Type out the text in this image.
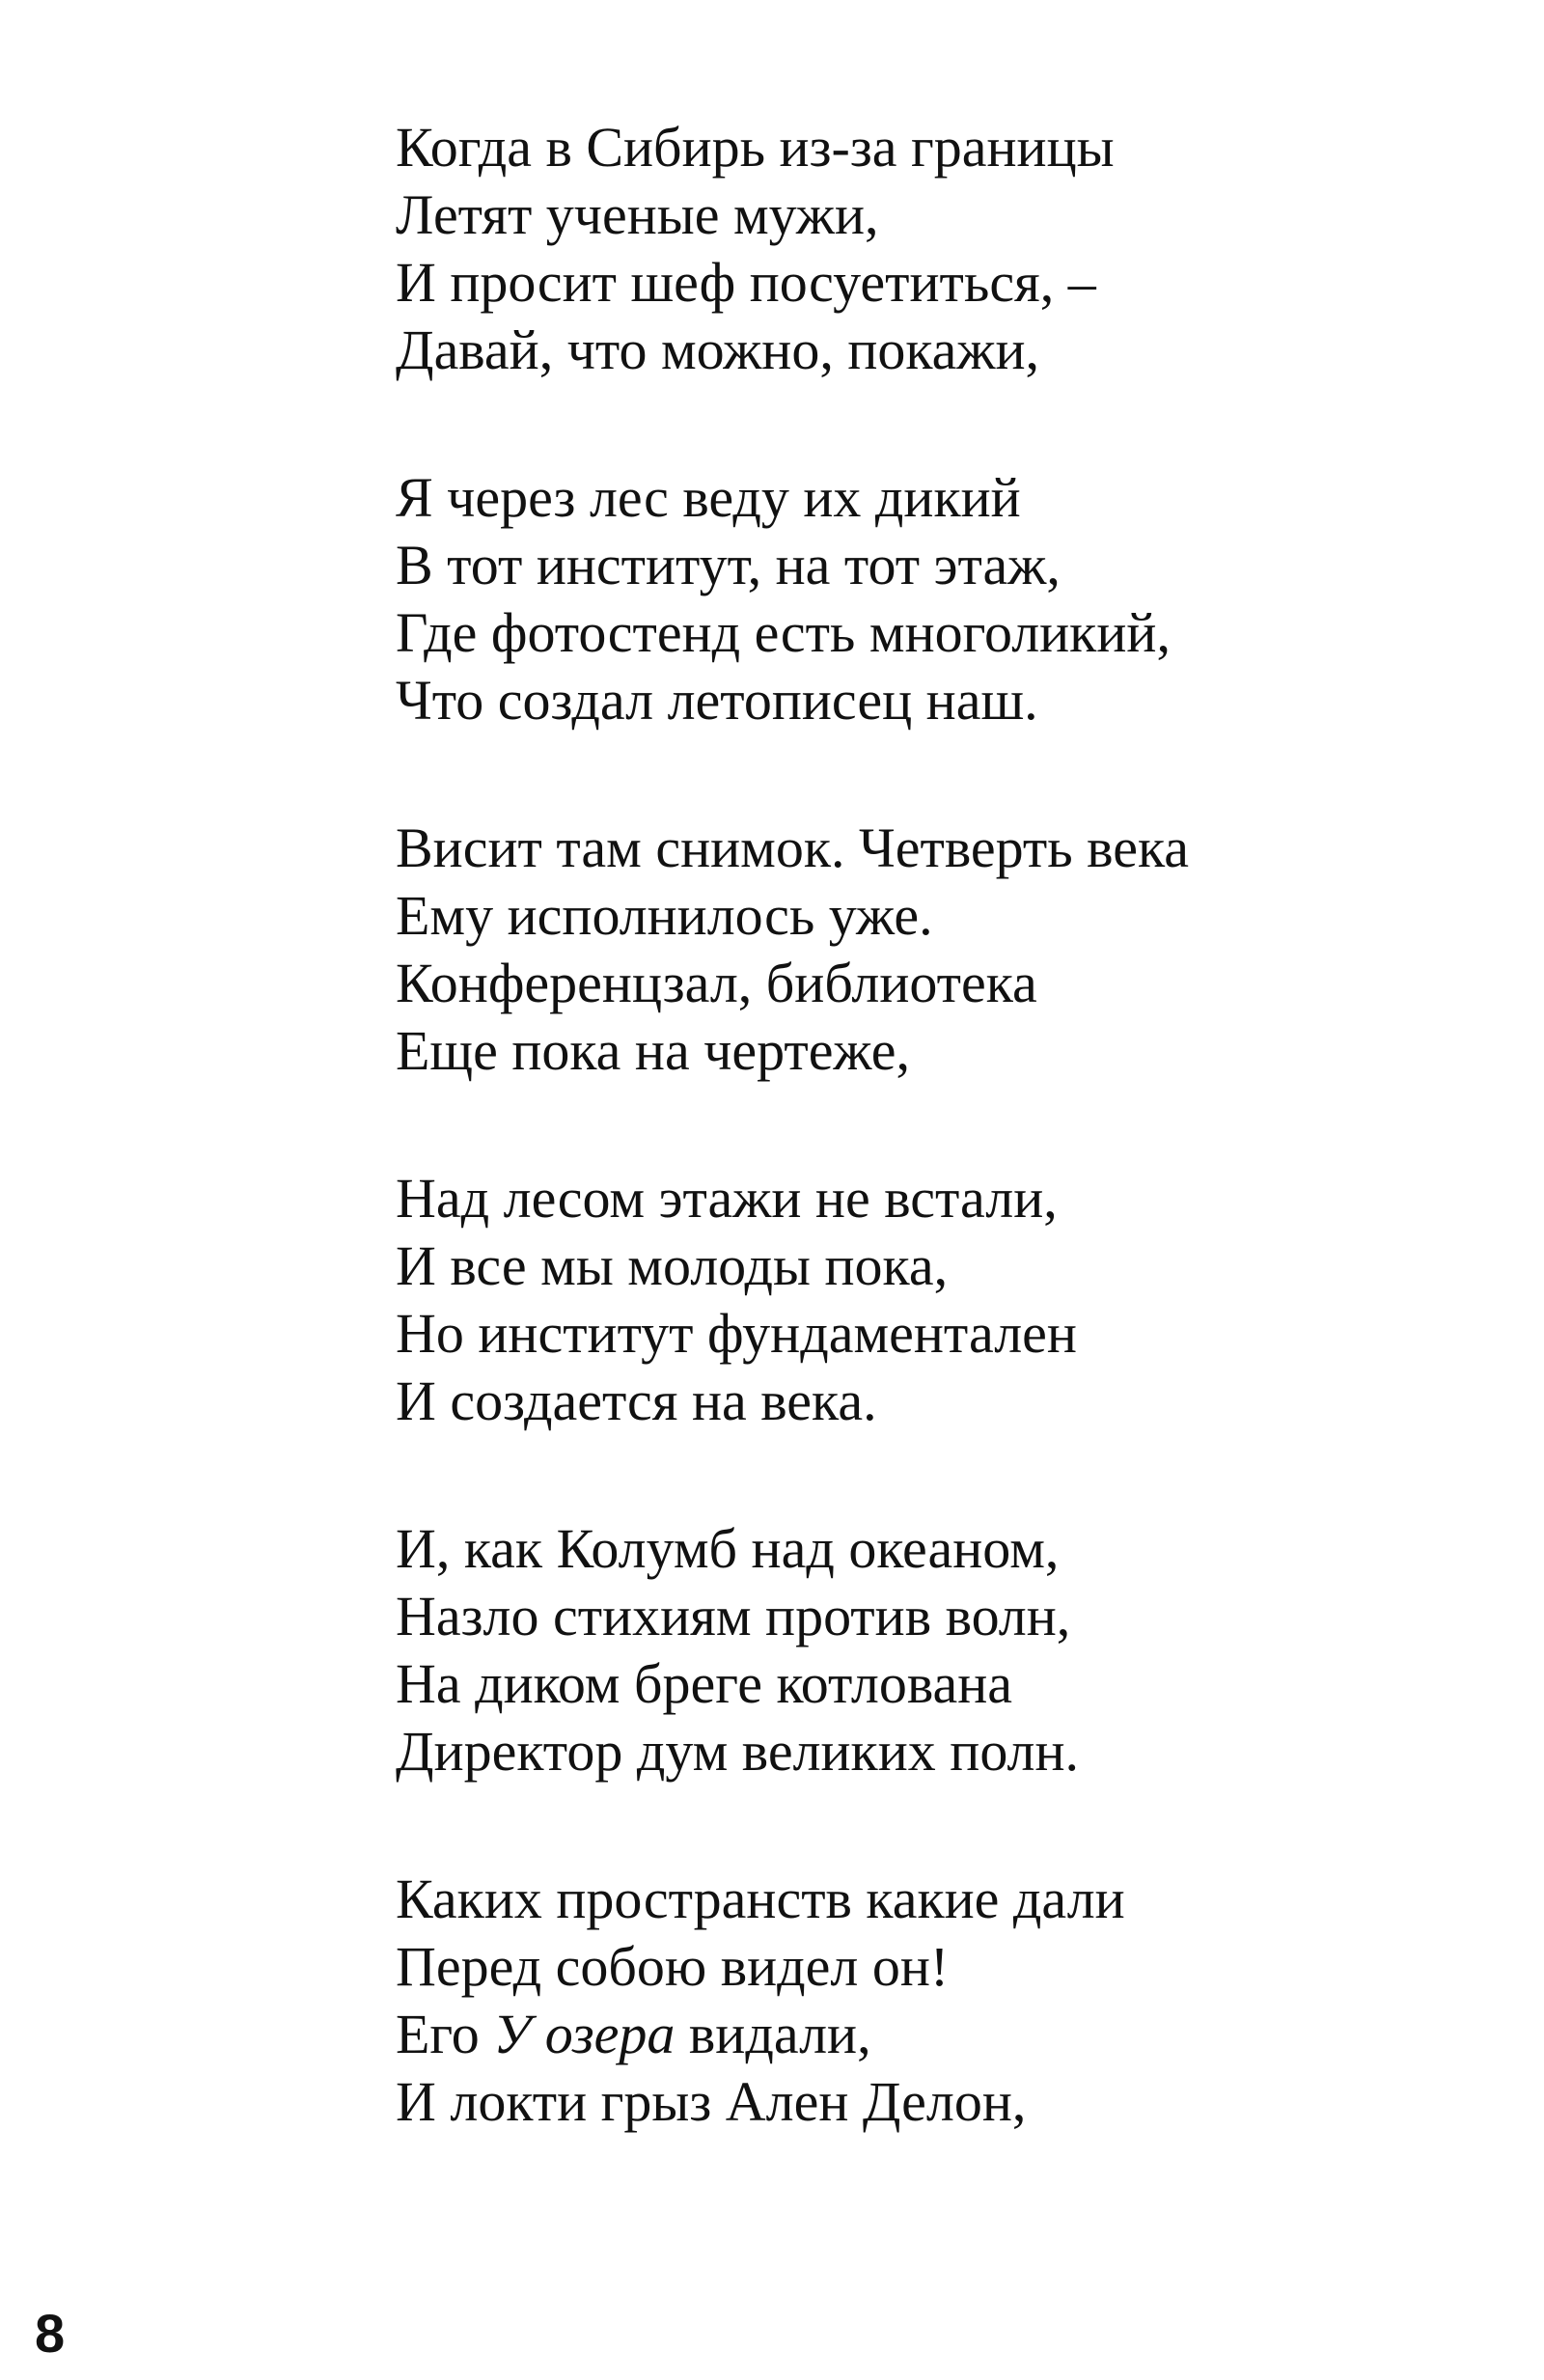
Когда в Сибирь из-за границы
Летят ученые мужи,
И просит шеф посуетиться, –
Давай, что можно, покажи,
Я через лес веду их дикий
В тот институт, на тот этаж,
Где фотостенд есть многоликий,
Что создал летописец наш.
Висит там снимок. Четверть века
Ему исполнилось уже.
Конференцзал, библиотека
Еще пока на чертеже,
Над лесом этажи не встали,
И все мы молоды пока,
Но институт фундаментален
И создается на века.
И, как Колумб над океаном,
Назло стихиям против волн,
На диком бреге котлована
Директор дум великих полн.
Каких пространств какие дали
Перед собою видел он!
Его У озера видали,
И локти грыз Ален Делон,
8
